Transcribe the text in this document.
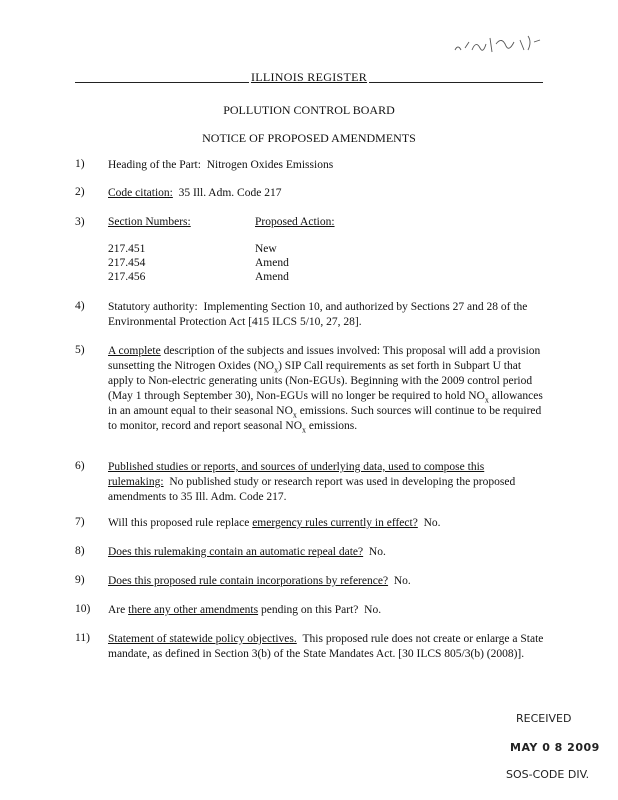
ILLINOIS REGISTER
POLLUTION CONTROL BOARD
NOTICE OF PROPOSED AMENDMENTS
1) Heading of the Part: Nitrogen Oxides Emissions
2) Code citation: 35 Ill. Adm. Code 217
3) Section Numbers:	Proposed Action:
217.451	New
217.454	Amend
217.456	Amend
4) Statutory authority: Implementing Section 10, and authorized by Sections 27 and 28 of the Environmental Protection Act [415 ILCS 5/10, 27, 28].
5) A complete description of the subjects and issues involved: This proposal will add a provision sunsetting the Nitrogen Oxides $(NO_x)$ SIP Call requirements as set forth in Subpart U that apply to Non-electric generating units (Non-EGUs). Beginning with the 2009 control period (May 1 through September 30), Non-EGUs will no longer be required to hold $NO_x$ allowances in an amount equal to their seasonal $NO_x$ emissions. Such sources will continue to be required to monitor, record and report seasonal $NO_x$ emissions.
6) Published studies or reports, and sources of underlying data, used to compose this rulemaking: No published study or research report was used in developing the proposed amendments to 35 Ill. Adm. Code 217.
7) Will this proposed rule replace emergency rules currently in effect? No.
8) Does this rulemaking contain an automatic repeal date? No.
9) Does this proposed rule contain incorporations by reference? No.
10) Are there any other amendments pending on this Part? No.
11) Statement of statewide policy objectives. This proposed rule does not create or enlarge a State mandate, as defined in Section 3(b) of the State Mandates Act. [30 ILCS 805/3(b) (2008)].
RECEIVED
MAY 0 8 2009
SOS-CODE DIV.
